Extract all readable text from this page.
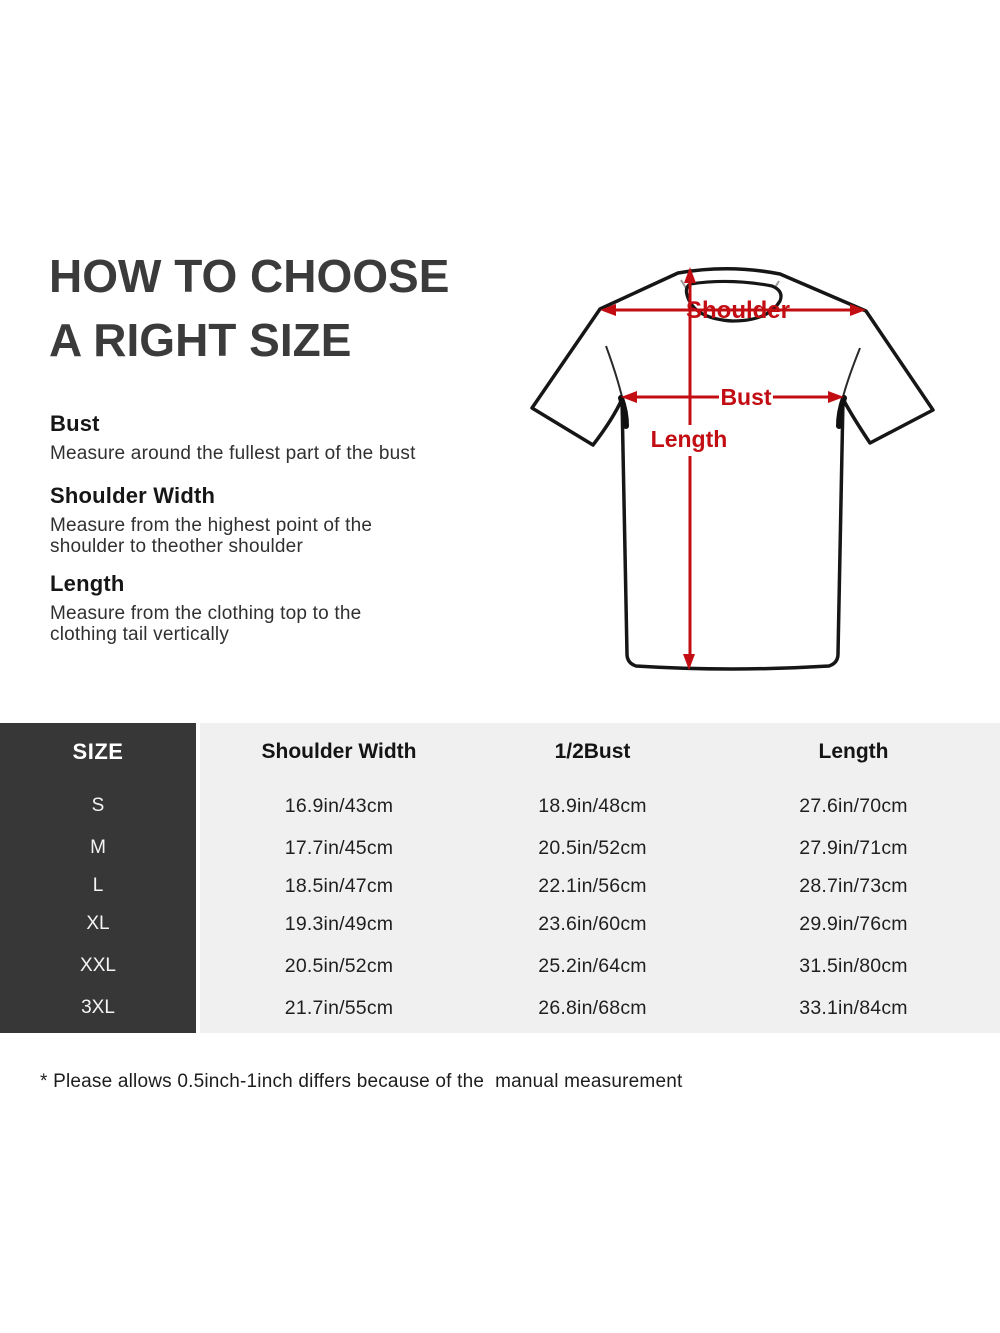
HOW TO CHOOSE
A RIGHT SIZE
Bust

Measure around the fullest part of the bust

Shoulder Width

Measure from the highest point of the shoulder to theother shoulder

Length

Measure from the clothing top to the clothing tail vertically

Shoulder
Bust
Length
SIZE	Shoulder Width	1/2Bust	Length
S	16.9in/43cm	18.9in/48cm	27.6in/70cm
M	17.7in/45cm	20.5in/52cm	27.9in/71cm
L	18.5in/47cm	22.1in/56cm	28.7in/73cm
XL	19.3in/49cm	23.6in/60cm	29.9in/76cm
XXL	20.5in/52cm	25.2in/64cm	31.5in/80cm
3XL	21.7in/55cm	26.8in/68cm	33.1in/84cm
* Please allows 0.5inch-1inch differs because of the  manual measurement
